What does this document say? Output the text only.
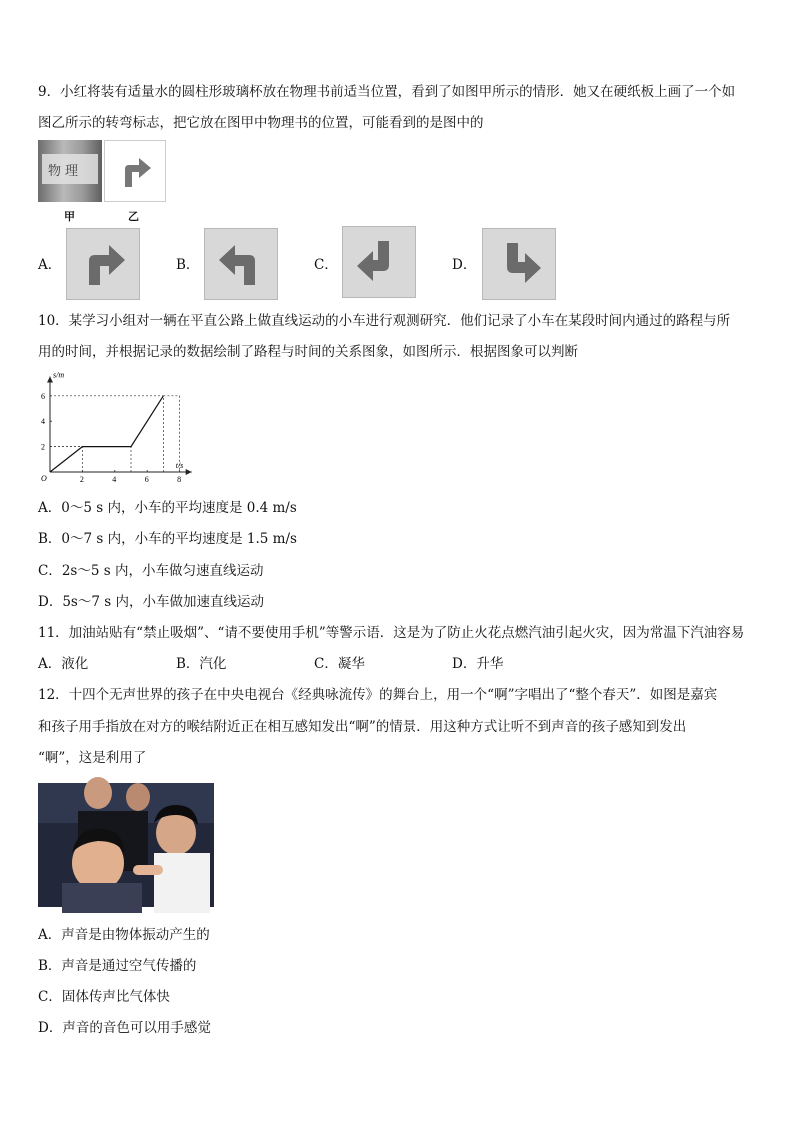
9．小红将装有适量水的圆柱形玻璃杯放在物理书前适当位置，看到了如图甲所示的情形．她又在硬纸板上画了一个如
图乙所示的转弯标志，把它放在图甲中物理书的位置，可能看到的是图中的
物理
甲	乙
A．	B．	C．	D．
10．某学习小组对一辆在平直公路上做直线运动的小车进行观测研究．他们记录了小车在某段时间内通过的路程与所
用的时间，并根据记录的数据绘制了路程与时间的关系图象，如图所示．根据图象可以判断
s/m
t/s
O	2	4	6	8
2
4
6
A．0～5 s 内，小车的平均速度是 0.4 m/s
B．0～7 s 内，小车的平均速度是 1.5 m/s
C．2s～5 s 内，小车做匀速直线运动
D．5s～7 s 内，小车做加速直线运动
11．加油站贴有“禁止吸烟”、“请不要使用手机”等警示语．这是为了防止火花点燃汽油引起火灾，因为常温下汽油容易
A．液化	B．汽化	C．凝华	D．升华
12．十四个无声世界的孩子在中央电视台《经典咏流传》的舞台上，用一个“啊”字唱出了“整个春天”．如图是嘉宾
和孩子用手指放在对方的喉结附近正在相互感知发出“啊”的情景．用这种方式让听不到声音的孩子感知到发出
“啊”，这是利用了
A．声音是由物体振动产生的
B．声音是通过空气传播的
C．固体传声比气体快
D．声音的音色可以用手感觉
